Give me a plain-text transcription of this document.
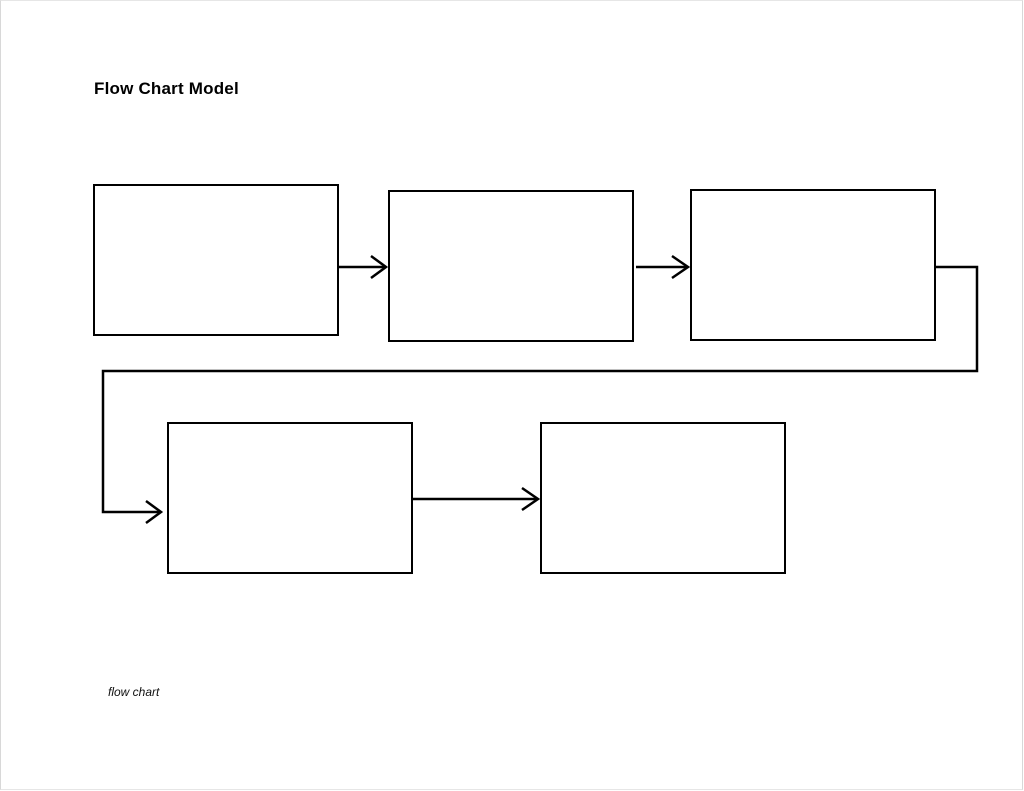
Flow Chart Model
flow chart
